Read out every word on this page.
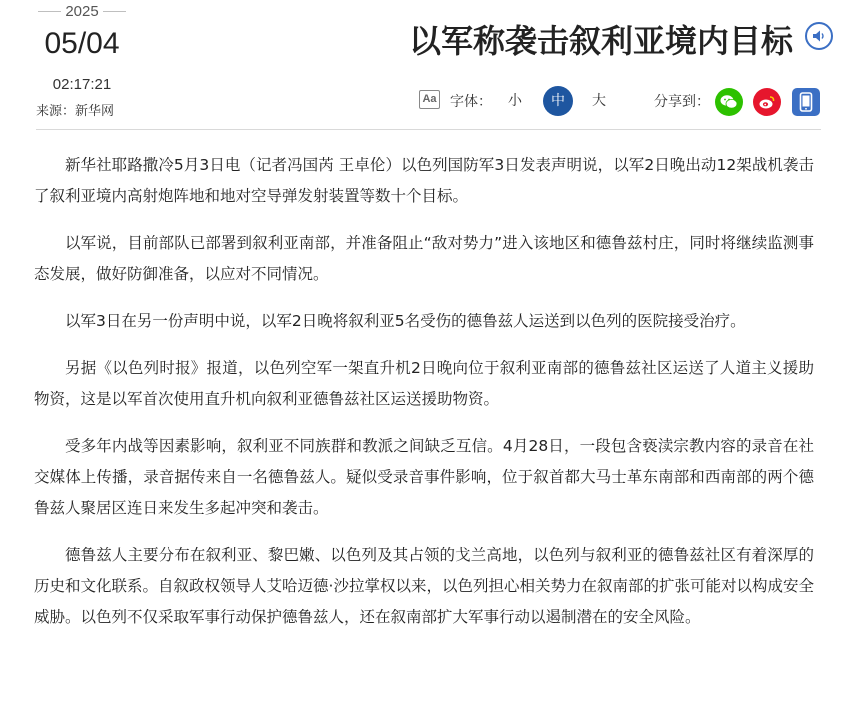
2025
05/04
02:17:21
来源：新华网
以军称袭击叙利亚境内目标
Aa 字体：	小	中	大	分享到：

新华社耶路撒冷5月3日电（记者冯国芮 王卓伦）以色列国防军3日发表声明说，以军2日晚出动12架战机袭击了叙利亚境内高射炮阵地和地对空导弹发射装置等数十个目标。

以军说，目前部队已部署到叙利亚南部，并准备阻止“敌对势力”进入该地区和德鲁兹村庄，同时将继续监测事态发展，做好防御准备，以应对不同情况。

以军3日在另一份声明中说，以军2日晚将叙利亚5名受伤的德鲁兹人运送到以色列的医院接受治疗。

另据《以色列时报》报道，以色列空军一架直升机2日晚向位于叙利亚南部的德鲁兹社区运送了人道主义援助物资，这是以军首次使用直升机向叙利亚德鲁兹社区运送援助物资。

受多年内战等因素影响，叙利亚不同族群和教派之间缺乏互信。4月28日，一段包含亵渎宗教内容的录音在社交媒体上传播，录音据传来自一名德鲁兹人。疑似受录音事件影响，位于叙首都大马士革东南部和西南部的两个德鲁兹人聚居区连日来发生多起冲突和袭击。

德鲁兹人主要分布在叙利亚、黎巴嫩、以色列及其占领的戈兰高地，以色列与叙利亚的德鲁兹社区有着深厚的历史和文化联系。自叙政权领导人艾哈迈德·沙拉掌权以来，以色列担心相关势力在叙南部的扩张可能对以构成安全威胁。以色列不仅采取军事行动保护德鲁兹人，还在叙南部扩大军事行动以遏制潜在的安全风险。
